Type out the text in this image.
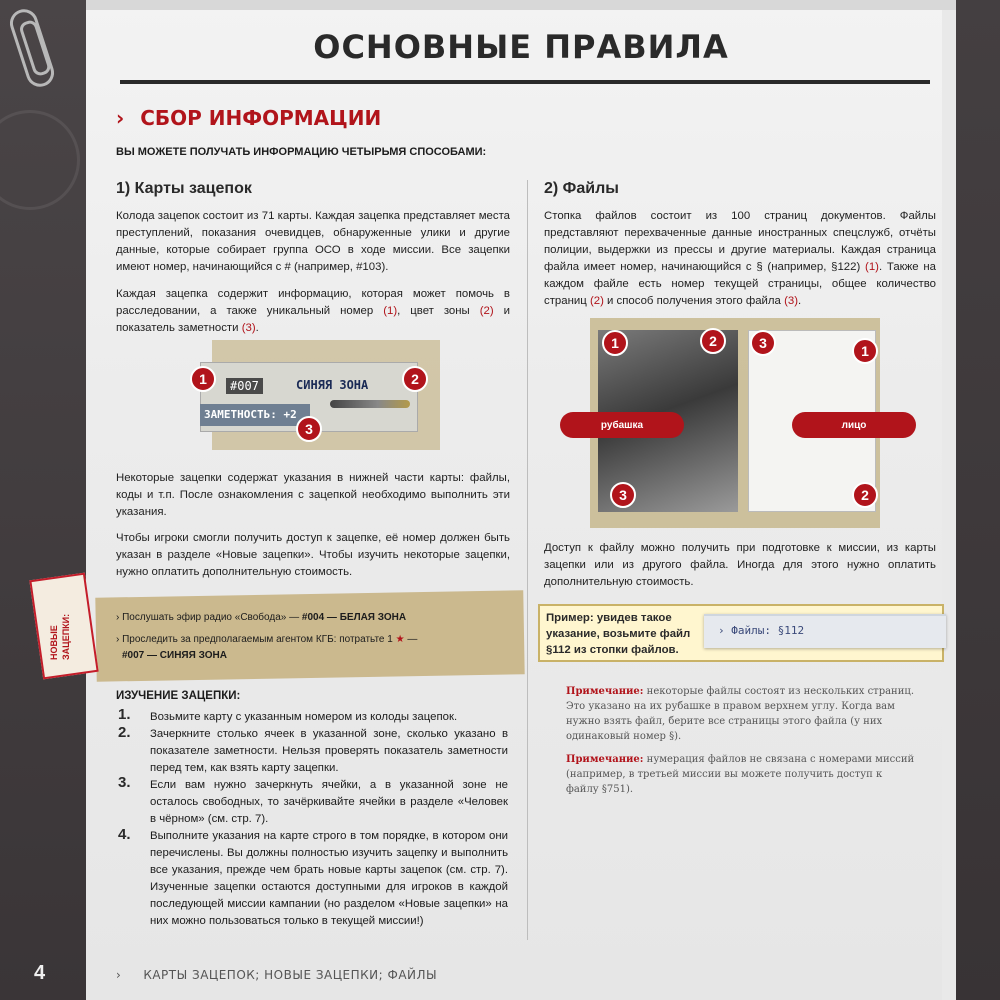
ОСНОВНЫЕ ПРАВИЛА
› СБОР ИНФОРМАЦИИ
ВЫ МОЖЕТЕ ПОЛУЧАТЬ ИНФОРМАЦИЮ ЧЕТЫРЬМЯ СПОСОБАМИ:
1) Карты зацепок
Колода зацепок состоит из 71 карты. Каждая зацепка представляет места преступлений, показания очевидцев, обнаруженные улики и другие данные, которые собирает группа ОСО в ходе миссии. Все зацепки имеют номер, начинающийся с # (например, #103).
Каждая зацепка содержит информацию, которая может помочь в расследовании, а также уникальный номер (1), цвет зоны (2) и показатель заметности (3).
#007	СИНЯЯ ЗОНА
ЗАМЕТНОСТЬ: +2
1	2
3
Некоторые зацепки содержат указания в нижней части карты: файлы, коды и т.п. После ознакомления с зацепкой необходимо выполнить эти указания.
Чтобы игроки смогли получить доступ к зацепке, её номер должен быть указан в разделе «Новые зацепки». Чтобы изучить некоторые зацепки, нужно оплатить дополнительную стоимость.
НОВЫЕ ЗАЦЕПКИ:	› Послушать эфир радио «Свобода» — #004 — БЕЛАЯ ЗОНА
› Проследить за предполагаемым агентом КГБ: потратьте 1 ★ —
#007 — СИНЯЯ ЗОНА
ИЗУЧЕНИЕ ЗАЦЕПКИ:
1. Возьмите карту с указанным номером из колоды зацепок.
2. Зачеркните столько ячеек в указанной зоне, сколько указано в показателе заметности. Нельзя проверять показатель заметности перед тем, как взять карту зацепки.
3. Если вам нужно зачеркнуть ячейки, а в указанной зоне не осталось свободных, то зачёркивайте ячейки в разделе «Человек в чёрном» (см. стр. 7).
4. Выполните указания на карте строго в том порядке, в котором они перечислены. Вы должны полностью изучить зацепку и выполнить все указания, прежде чем брать новые карты зацепок (см. стр. 7). Изученные зацепки остаются доступными для игроков в каждой последующей миссии кампании (но разделом «Новые зацепки» на них можно пользоваться только в текущей миссии!)
2) Файлы
Стопка файлов состоит из 100 страниц документов. Файлы представляют перехваченные данные иностранных спецслужб, отчёты полиции, выдержки из прессы и другие материалы. Каждая страница файла имеет номер, начинающийся с § (например, §122) (1). Также на каждом файле есть номер текущей страницы, общее количество страниц (2) и способ получения этого файла (3).
рубашка	лицо
1	2	3	1
2
3
Доступ к файлу можно получить при подготовке к миссии, из карты зацепки или из другого файла. Иногда для этого нужно оплатить дополнительную стоимость.
Пример: увидев такое указание, возьмите файл §112 из стопки файлов.
› Файлы: §112
Примечание: некоторые файлы состоят из нескольких страниц. Это указано на их рубашке в правом верхнем углу. Когда вам нужно взять файл, берите все страницы этого файла (у них одинаковый номер §).
Примечание: нумерация файлов не связана с номерами миссий (например, в третьей миссии вы можете получить доступ к файлу §751).
4	› КАРТЫ ЗАЦЕПОК; НОВЫЕ ЗАЦЕПКИ; ФАЙЛЫ
